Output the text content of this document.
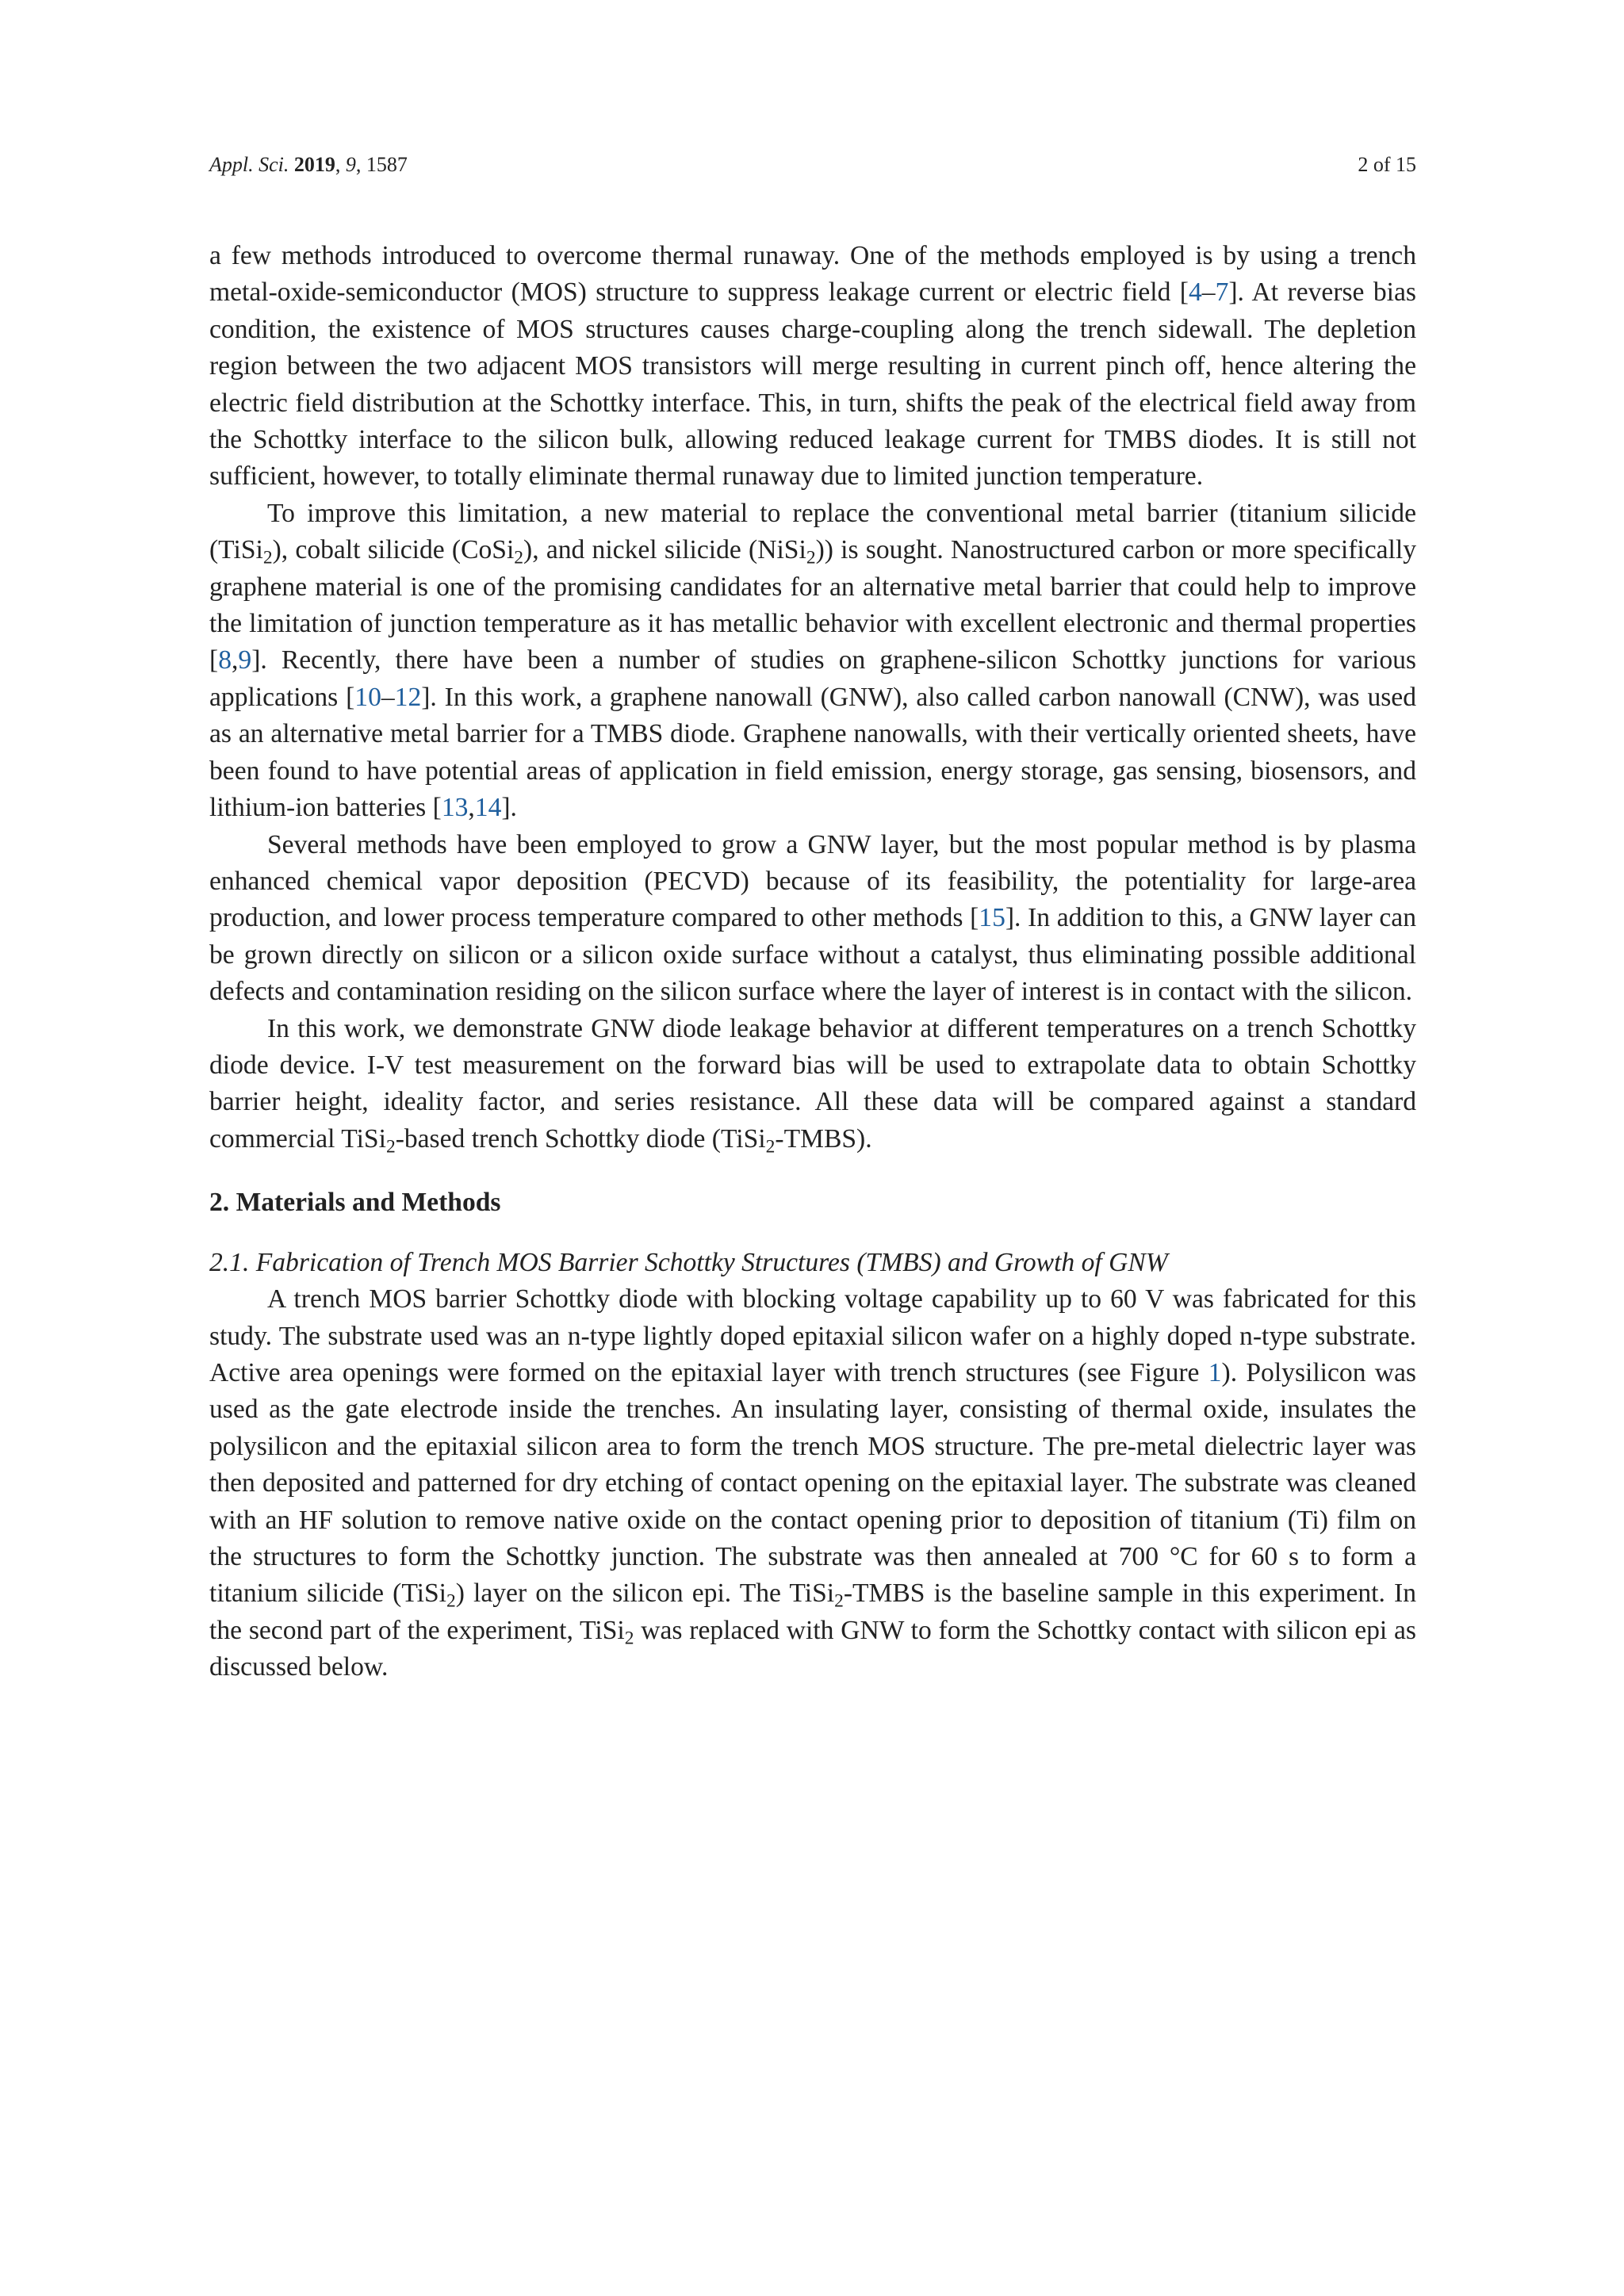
Appl. Sci. 2019, 9, 1587	2 of 15

a few methods introduced to overcome thermal runaway. One of the methods employed is by using a trench metal-oxide-semiconductor (MOS) structure to suppress leakage current or electric field [4–7]. At reverse bias condition, the existence of MOS structures causes charge-coupling along the trench sidewall. The depletion region between the two adjacent MOS transistors will merge resulting in current pinch off, hence altering the electric field distribution at the Schottky interface. This, in turn, shifts the peak of the electrical field away from the Schottky interface to the silicon bulk, allowing reduced leakage current for TMBS diodes. It is still not sufficient, however, to totally eliminate thermal runaway due to limited junction temperature.

To improve this limitation, a new material to replace the conventional metal barrier (titanium silicide (TiSi$_2$), cobalt silicide (CoSi$_2$), and nickel silicide (NiSi$_2$)) is sought. Nanostructured carbon or more specifically graphene material is one of the promising candidates for an alternative metal barrier that could help to improve the limitation of junction temperature as it has metallic behavior with excellent electronic and thermal properties [8,9]. Recently, there have been a number of studies on graphene-silicon Schottky junctions for various applications [10–12]. In this work, a graphene nanowall (GNW), also called carbon nanowall (CNW), was used as an alternative metal barrier for a TMBS diode. Graphene nanowalls, with their vertically oriented sheets, have been found to have potential areas of application in field emission, energy storage, gas sensing, biosensors, and lithium-ion batteries [13,14].

Several methods have been employed to grow a GNW layer, but the most popular method is by plasma enhanced chemical vapor deposition (PECVD) because of its feasibility, the potentiality for large-area production, and lower process temperature compared to other methods [15]. In addition to this, a GNW layer can be grown directly on silicon or a silicon oxide surface without a catalyst, thus eliminating possible additional defects and contamination residing on the silicon surface where the layer of interest is in contact with the silicon.

In this work, we demonstrate GNW diode leakage behavior at different temperatures on a trench Schottky diode device. I-V test measurement on the forward bias will be used to extrapolate data to obtain Schottky barrier height, ideality factor, and series resistance. All these data will be compared against a standard commercial TiSi$_2$-based trench Schottky diode (TiSi$_2$-TMBS).

2. Materials and Methods
2.1. Fabrication of Trench MOS Barrier Schottky Structures (TMBS) and Growth of GNW

A trench MOS barrier Schottky diode with blocking voltage capability up to 60 V was fabricated for this study. The substrate used was an n-type lightly doped epitaxial silicon wafer on a highly doped n-type substrate. Active area openings were formed on the epitaxial layer with trench structures (see Figure 1). Polysilicon was used as the gate electrode inside the trenches. An insulating layer, consisting of thermal oxide, insulates the polysilicon and the epitaxial silicon area to form the trench MOS structure. The pre-metal dielectric layer was then deposited and patterned for dry etching of contact opening on the epitaxial layer. The substrate was cleaned with an HF solution to remove native oxide on the contact opening prior to deposition of titanium (Ti) film on the structures to form the Schottky junction. The substrate was then annealed at 700 °C for 60 s to form a titanium silicide (TiSi$_2$) layer on the silicon epi. The TiSi$_2$-TMBS is the baseline sample in this experiment. In the second part of the experiment, TiSi$_2$ was replaced with GNW to form the Schottky contact with silicon epi as discussed below.
